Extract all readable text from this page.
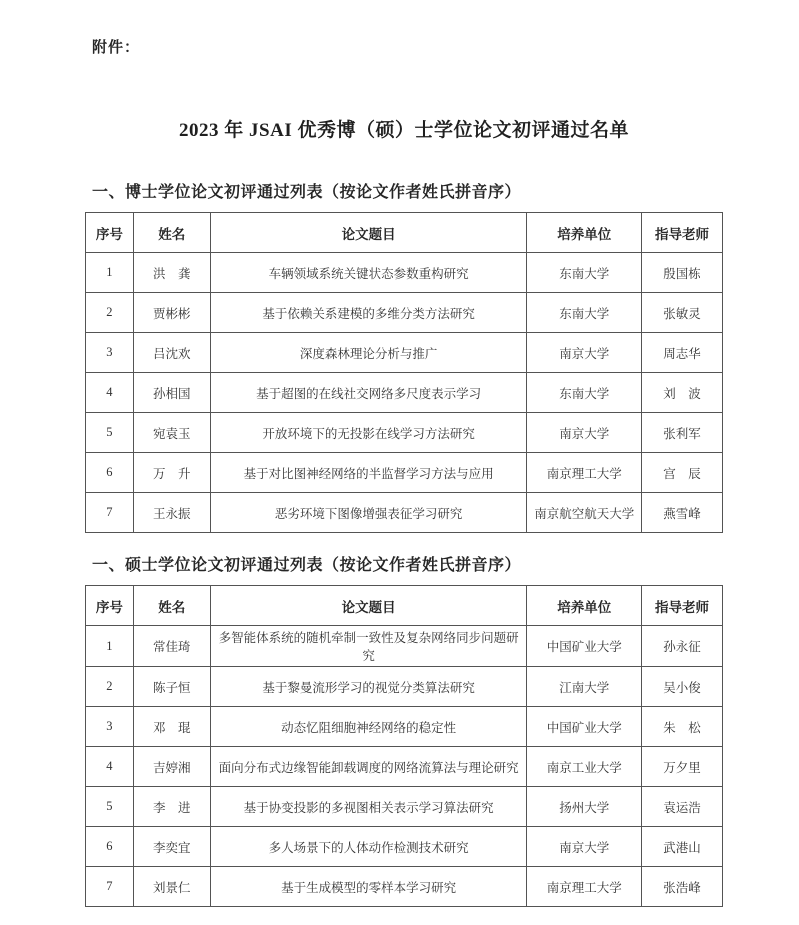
附件：
2023 年 JSAI 优秀博（硕）士学位论文初评通过名单
一、博士学位论文初评通过列表（按论文作者姓氏拼音序）
序号	姓名	论文题目	培养单位	指导老师
1	洪　龚	车辆领域系统关键状态参数重构研究	东南大学	殷国栋
2	贾彬彬	基于依赖关系建模的多维分类方法研究	东南大学	张敏灵
3	吕沈欢	深度森林理论分析与推广	南京大学	周志华
4	孙相国	基于超图的在线社交网络多尺度表示学习	东南大学	刘　波
5	宛袁玉	开放环境下的无投影在线学习方法研究	南京大学	张利军
6	万　升	基于对比图神经网络的半监督学习方法与应用	南京理工大学	宫　辰
7	王永振	恶劣环境下图像增强表征学习研究	南京航空航天大学	燕雪峰
一、硕士学位论文初评通过列表（按论文作者姓氏拼音序）
序号	姓名	论文题目	培养单位	指导老师
1	常佳琦	多智能体系统的随机牵制一致性及复杂网络同步问题研究	中国矿业大学	孙永征
2	陈子恒	基于黎曼流形学习的视觉分类算法研究	江南大学	吴小俊
3	邓　琨	动态忆阻细胞神经网络的稳定性	中国矿业大学	朱　松
4	吉婷湘	面向分布式边缘智能卸载调度的网络流算法与理论研究	南京工业大学	万夕里
5	李　进	基于协变投影的多视图相关表示学习算法研究	扬州大学	袁运浩
6	李奕宜	多人场景下的人体动作检测技术研究	南京大学	武港山
7	刘景仁	基于生成模型的零样本学习研究	南京理工大学	张浩峰
